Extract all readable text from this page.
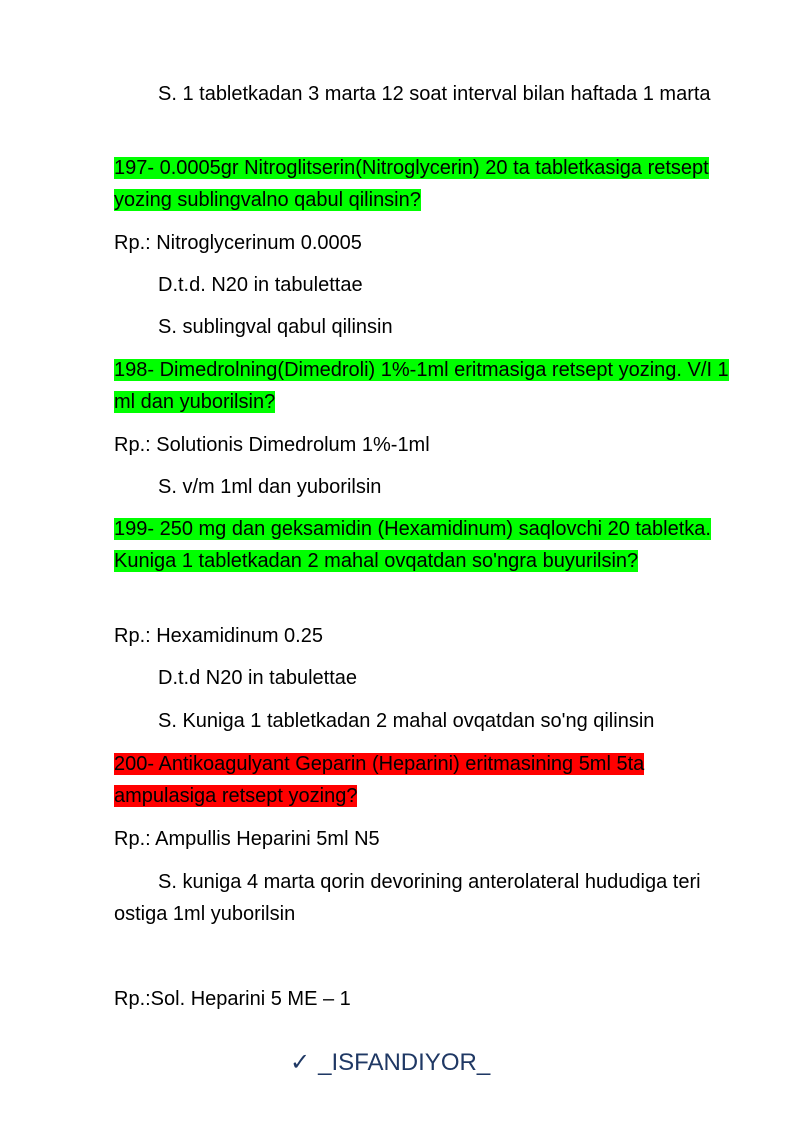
S. 1 tabletkadan 3 marta 12 soat interval bilan haftada 1 marta

197- 0.0005gr Nitroglitserin(Nitroglycerin) 20 ta tabletkasiga retsept yozing sublingvalno qabul qilinsin?

Rp.: Nitroglycerinum 0.0005

D.t.d. N20 in tabulettae

S. sublingval qabul qilinsin

198- Dimedrolning(Dimedroli) 1%-1ml eritmasiga retsept yozing. V/I 1 ml dan yuborilsin?

Rp.: Solutionis Dimedrolum 1%-1ml

S. v/m 1ml dan yuborilsin

199- 250 mg dan geksamidin (Hexamidinum) saqlovchi 20 tabletka. Kuniga 1 tabletkadan 2 mahal ovqatdan so'ngra buyurilsin?

Rp.: Hexamidinum 0.25

D.t.d N20 in tabulettae

S. Kuniga 1 tabletkadan 2 mahal ovqatdan so'ng qilinsin

200- Antikoagulyant Geparin (Heparini) eritmasining 5ml 5ta ampulasiga retsept yozing?

Rp.: Ampullis Heparini 5ml N5

S. kuniga 4 marta qorin devorining anterolateral hududiga teri ostiga 1ml yuborilsin

Rp.:Sol. Heparini 5 ME – 1

✓ _ISFANDIYOR_
